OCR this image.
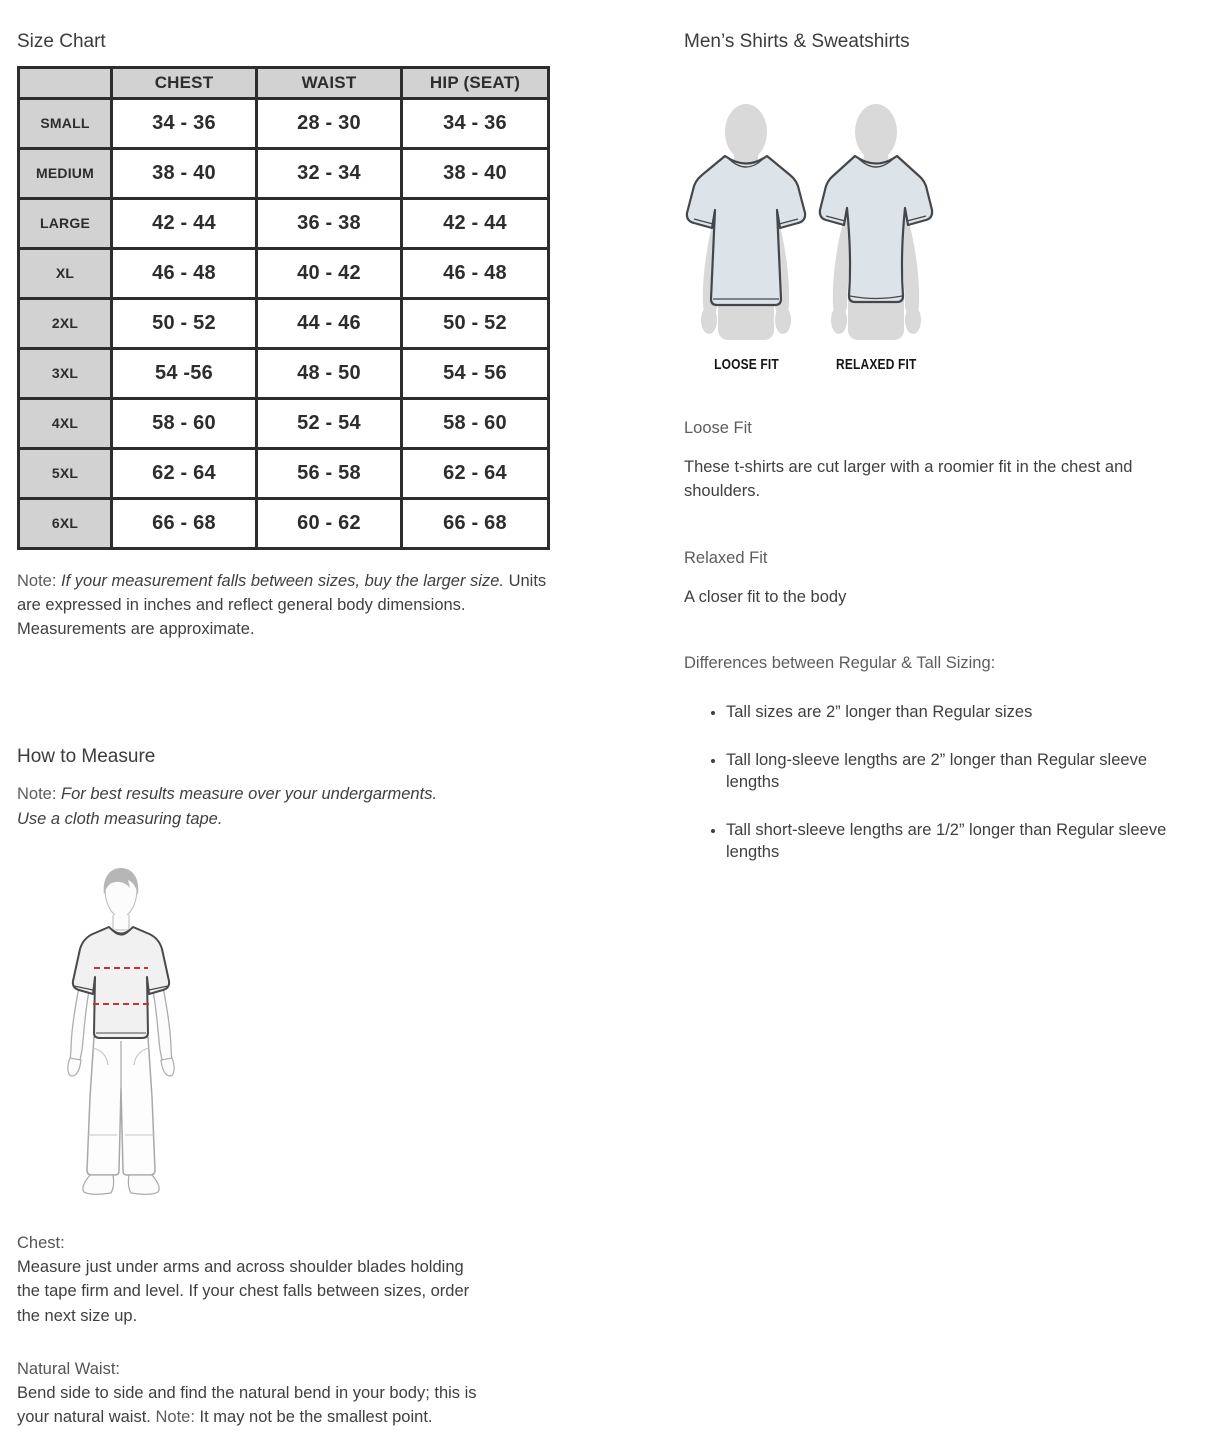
Size Chart
	CHEST	WAIST	HIP (SEAT)
SMALL	34 - 36	28 - 30	34 - 36
MEDIUM	38 - 40	32 - 34	38 - 40
LARGE	42 - 44	36 - 38	42 - 44
XL	46 - 48	40 - 42	46 - 48
2XL	50 - 52	44 - 46	50 - 52
3XL	54 -56	48 - 50	54 - 56
4XL	58 - 60	52 - 54	58 - 60
5XL	62 - 64	56 - 58	62 - 64
6XL	66 - 68	60 - 62	66 - 68

Note: If your measurement falls between sizes, buy the larger size. Units are expressed in inches and reflect general body dimensions. Measurements are approximate.

How to Measure

Note: For best results measure over your undergarments. Use a cloth measuring tape.

Chest:
Measure just under arms and across shoulder blades holding the tape firm and level. If your chest falls between sizes, order the next size up.

Natural Waist:
Bend side to side and find the natural bend in your body; this is your natural waist. Note: It may not be the smallest point.

Men’s Shirts & Sweatshirts
LOOSE FIT	RELAXED FIT
Loose Fit

These t-shirts are cut larger with a roomier fit in the chest and shoulders.

Relaxed Fit

A closer fit to the body

Differences between Regular & Tall Sizing:
• Tall sizes are 2” longer than Regular sizes
• Tall long-sleeve lengths are 2” longer than Regular sleeve lengths
• Tall short-sleeve lengths are 1/2” longer than Regular sleeve lengths
